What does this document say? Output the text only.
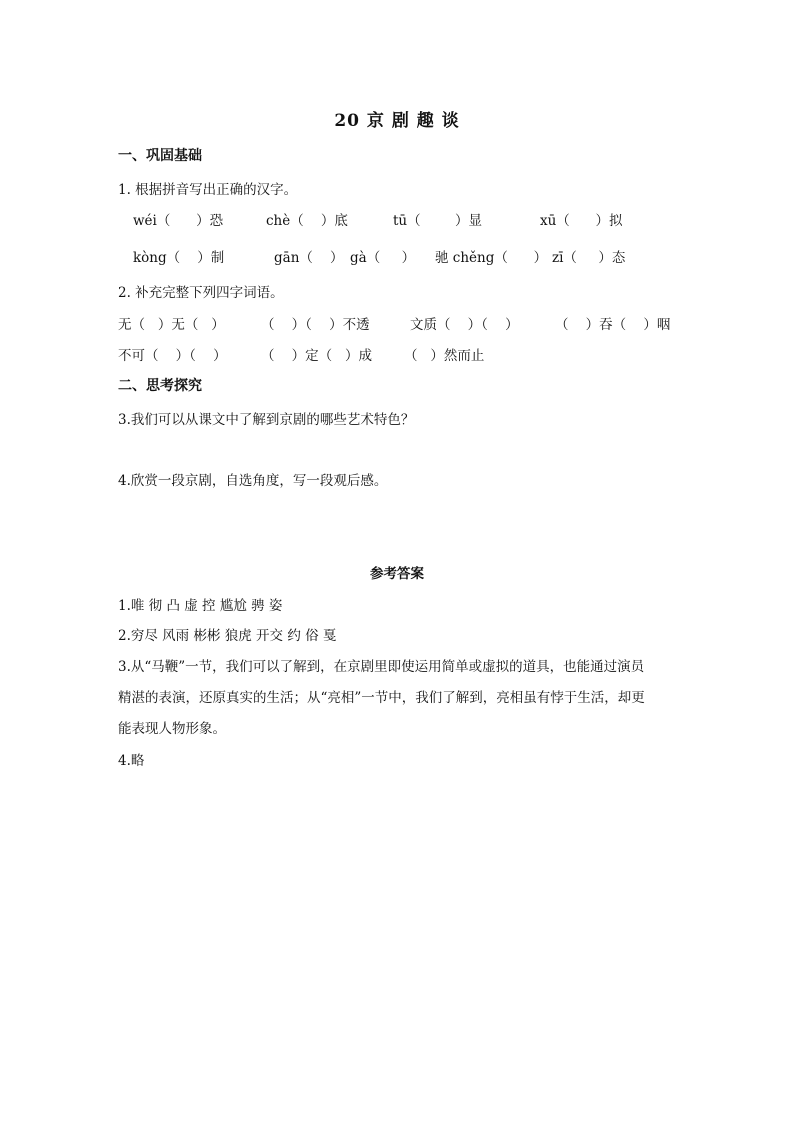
20 京 剧 趣 谈
一、巩固基础
1. 根据拼音写出正确的汉字。
wéi（      ）恐	chè（    ）底	tū（        ）显	xū（      ）拟
kòng（    ）制	gān（    ） gà（     ） 驰 chěng（      ） zī（     ）态
2. 补充完整下列四字词语。
无（   ）无（   ）	（    ）（    ）不透	文质（    ）（    ）	（    ）吞（    ）咽
不可（    ）（    ）	（    ）定（   ）成 （   ）然而止
二、思考探究
3.我们可以从课文中了解到京剧的哪些艺术特色？
4.欣赏一段京剧，自选角度，写一段观后感。
参考答案
1.唯 彻 凸 虚 控 尴尬 骋 姿
2.穷尽 风雨 彬彬 狼虎 开交 约 俗 戛
3.从“马鞭”一节，我们可以了解到，在京剧里即使运用简单或虚拟的道具，也能通过演员
精湛的表演，还原真实的生活；从“亮相”一节中，我们了解到，亮相虽有悖于生活，却更
能表现人物形象。
4.略
